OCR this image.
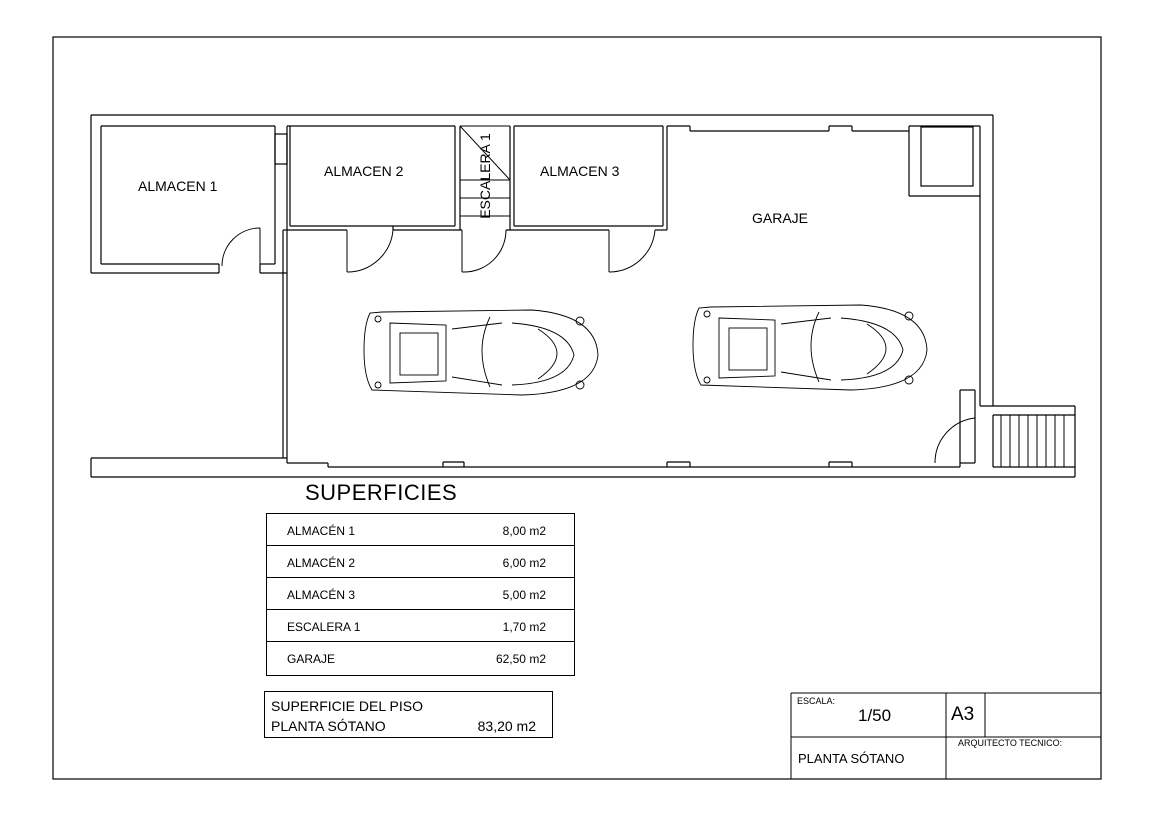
ALMACEN 1
ALMACEN 2	ALMACEN 3
GARAJE
ESCALERA 1
SUPERFICIES
ALMACÉN 1	8,00 m2
ALMACÉN 2	6,00 m2
ALMACÉN 3	5,00 m2
ESCALERA 1	1,70 m2
GARAJE	62,50 m2
SUPERFICIE DEL PISO
PLANTA SÓTANO	83,20 m2
ESCALA:
1/50	A3
ARQUITECTO TECNICO:
PLANTA SÓTANO
